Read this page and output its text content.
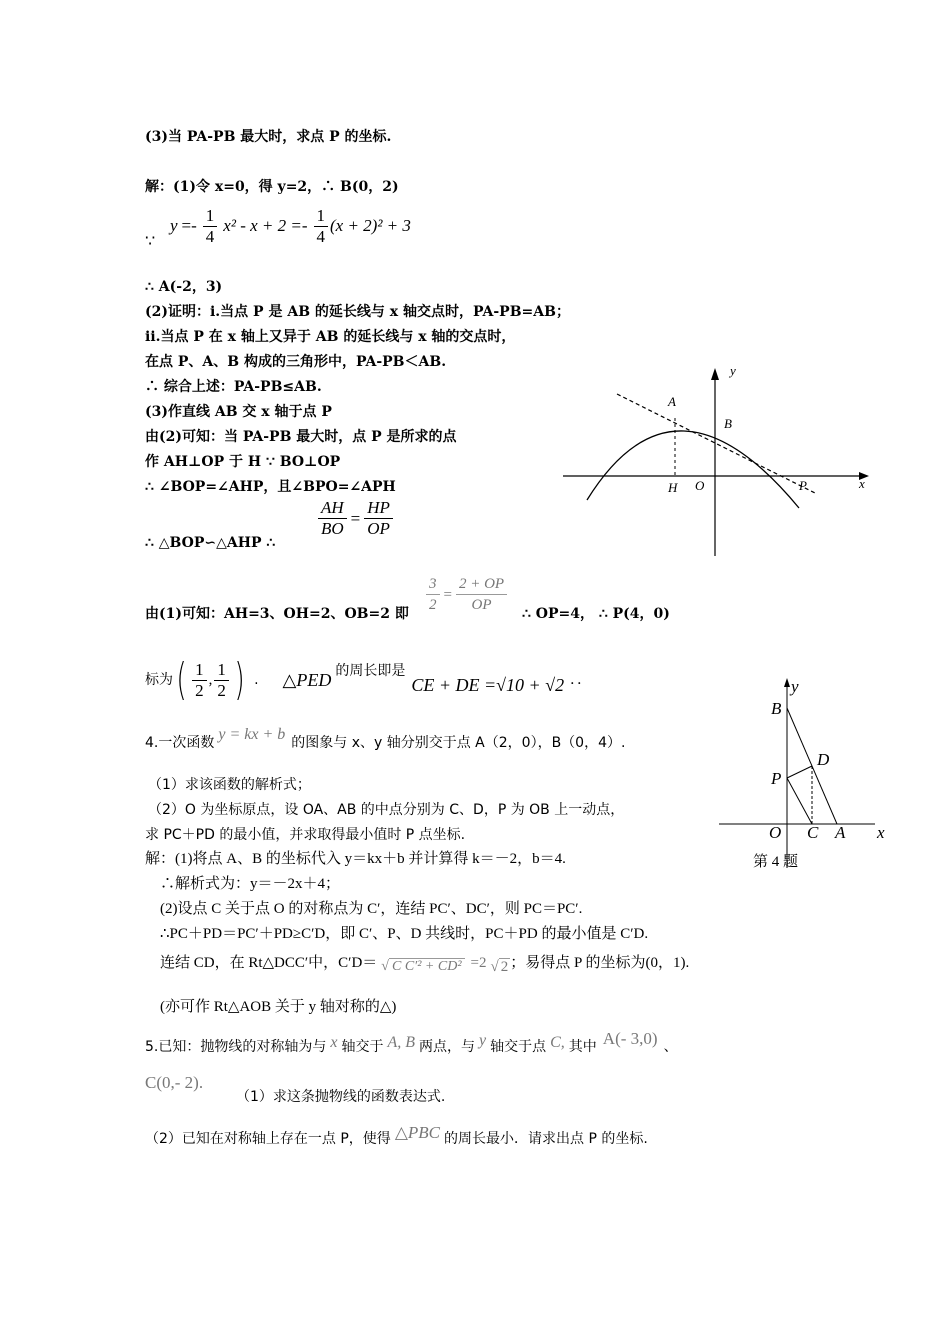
(3)当 PA-PB 最大时，求点 P 的坐标.
解：(1)令 x=0，得 y=2，∴ B(0，2)
∵
$y =- \frac{1}{4} x^2 - x + 2 =- \frac{1}{4} (x + 2)^2 + 3$
∴ A(-2，3)
(2)证明：ⅰ.当点 P 是 AB 的延长线与 x 轴交点时，PA-PB=AB；
ⅱ.当点 P 在 x 轴上又异于 AB 的延长线与 x 轴的交点时，
在点 P、A、B 构成的三角形中，PA-PB＜AB.
∴ 综合上述：PA-PB≤AB.
(3)作直线 AB 交 x 轴于点 P
由(2)可知：当 PA-PB 最大时，点 P 是所求的点
作 AH⊥OP 于 H ∵ BO⊥OP
∴ ∠BOP=∠AHP，且∠BPO=∠APH
∴ △BOP∽△AHP ∴
$\frac{AH}{BO} = \frac{HP}{OP}$
由(1)可知：AH=3、OH=2、OB=2 即 $\frac{3}{2} = \frac{2 + OP}{OP}$ ∴ OP=4， ∴ P(4，0)
y
A
B
H O	P	x
标为 ( $\frac{1}{2}$ , $\frac{1}{2}$ ) . △PED 的周长即是
CE + DE =√10 + √2 ．．
4.一次函数 y = kx + b 的图象与 x、y 轴分别交于点 A（2，0），B（0，4）.
（1）求该函数的解析式；
（2）O 为坐标原点，设 OA、AB 的中点分别为 C、D，P 为 OB 上一动点，
求 PC＋PD 的最小值，并求取得最小值时 P 点坐标.
解：(1)将点 A、B 的坐标代入 y＝kx＋b 并计算得 k＝－2，b＝4.
∴解析式为：y＝－2x＋4；
(2)设点 C 关于点 O 的对称点为 C′，连结 PC′、DC′，则 PC＝PC′.
∴PC＋PD＝PC′＋PD≥C′D，即 C′、P、D 共线时，PC＋PD 的最小值是 C′D.
连结 CD，在 Rt△DCC′中，C′D＝ √ C C′² + CD² =2 √ 2 ；易得点 P 的坐标为(0，1).
(亦可作 Rt△AOB 关于 y 轴对称的△)
y
B
D
P
O C A x
第 4 题
5.已知：抛物线的对称轴为与 x 轴交于 A, B 两点，与 y 轴交于点 C, 其中 A(- 3,0) 、
C(0,- 2).
（1）求这条抛物线的函数表达式.
（2）已知在对称轴上存在一点 P，使得 △PBC 的周长最小．请求出点 P 的坐标.
